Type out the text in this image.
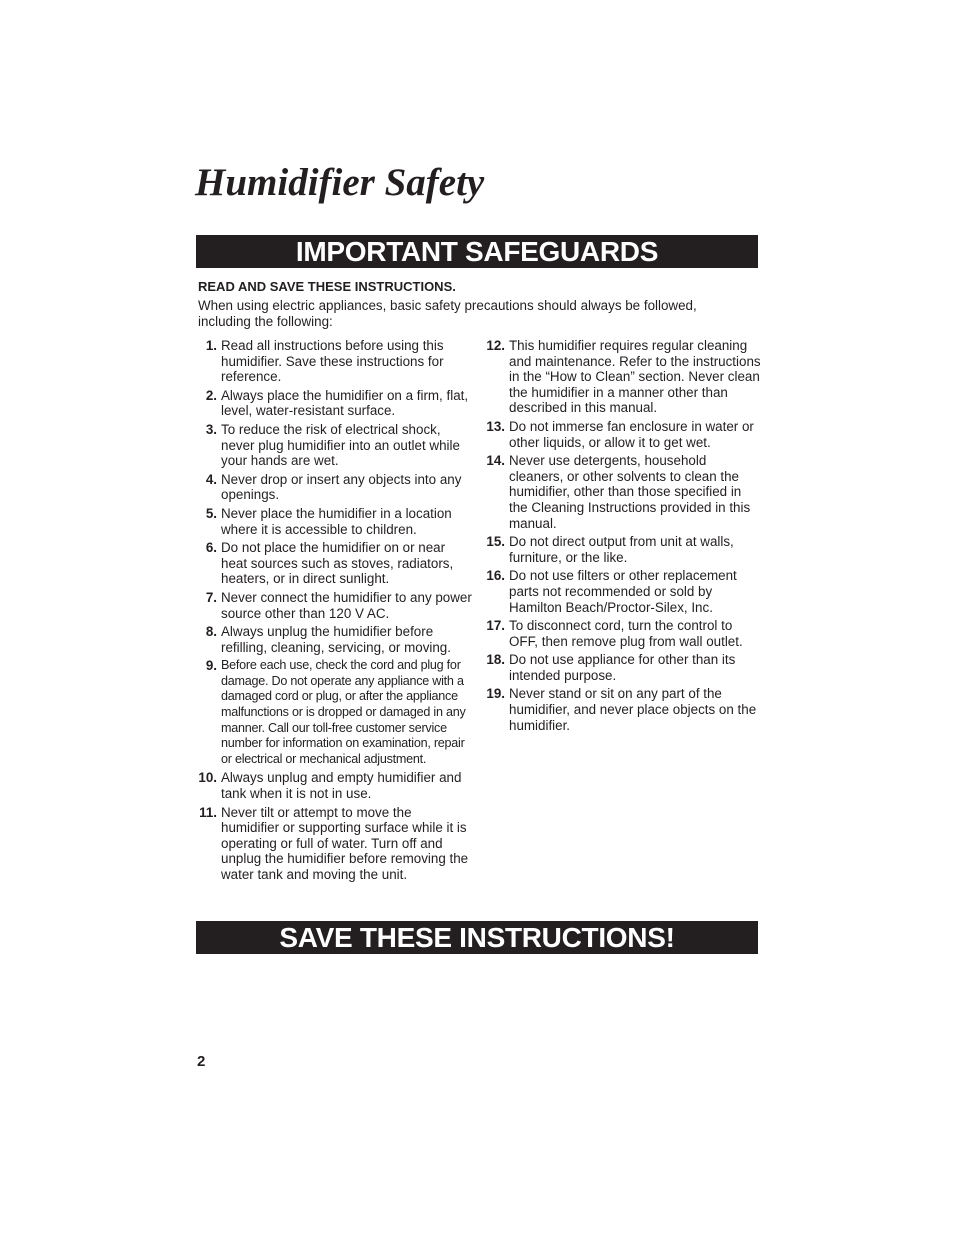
Humidifier Safety
IMPORTANT SAFEGUARDS
READ AND SAVE THESE INSTRUCTIONS.
When using electric appliances, basic safety precautions should always be followed, including the following:
1. Read all instructions before using this humidifier. Save these instructions for reference.
2. Always place the humidifier on a firm, flat, level, water-resistant surface.
3. To reduce the risk of electrical shock, never plug humidifier into an outlet while your hands are wet.
4. Never drop or insert any objects into any openings.
5. Never place the humidifier in a location where it is accessible to children.
6. Do not place the humidifier on or near heat sources such as stoves, radiators, heaters, or in direct sunlight.
7. Never connect the humidifier to any power source other than 120 V AC.
8. Always unplug the humidifier before refilling, cleaning, servicing, or moving.
9. Before each use, check the cord and plug for damage. Do not operate any appliance with a damaged cord or plug, or after the appliance malfunctions or is dropped or damaged in any manner. Call our toll-free customer service number for information on examination, repair or electrical or mechanical adjustment.
10. Always unplug and empty humidifier and tank when it is not in use.
11. Never tilt or attempt to move the humidifier or supporting surface while it is operating or full of water. Turn off and unplug the humidifier before removing the water tank and moving the unit.
12. This humidifier requires regular cleaning and maintenance. Refer to the instructions in the “How to Clean” section. Never clean the humidifier in a manner other than described in this manual.
13. Do not immerse fan enclosure in water or other liquids, or allow it to get wet.
14. Never use detergents, household cleaners, or other solvents to clean the humidifier, other than those specified in the Cleaning Instructions provided in this manual.
15. Do not direct output from unit at walls, furniture, or the like.
16. Do not use filters or other replacement parts not recommended or sold by Hamilton Beach/Proctor-Silex, Inc.
17. To disconnect cord, turn the control to OFF, then remove plug from wall outlet.
18. Do not use appliance for other than its intended purpose.
19. Never stand or sit on any part of the humidifier, and never place objects on the humidifier.
SAVE THESE INSTRUCTIONS!
2
